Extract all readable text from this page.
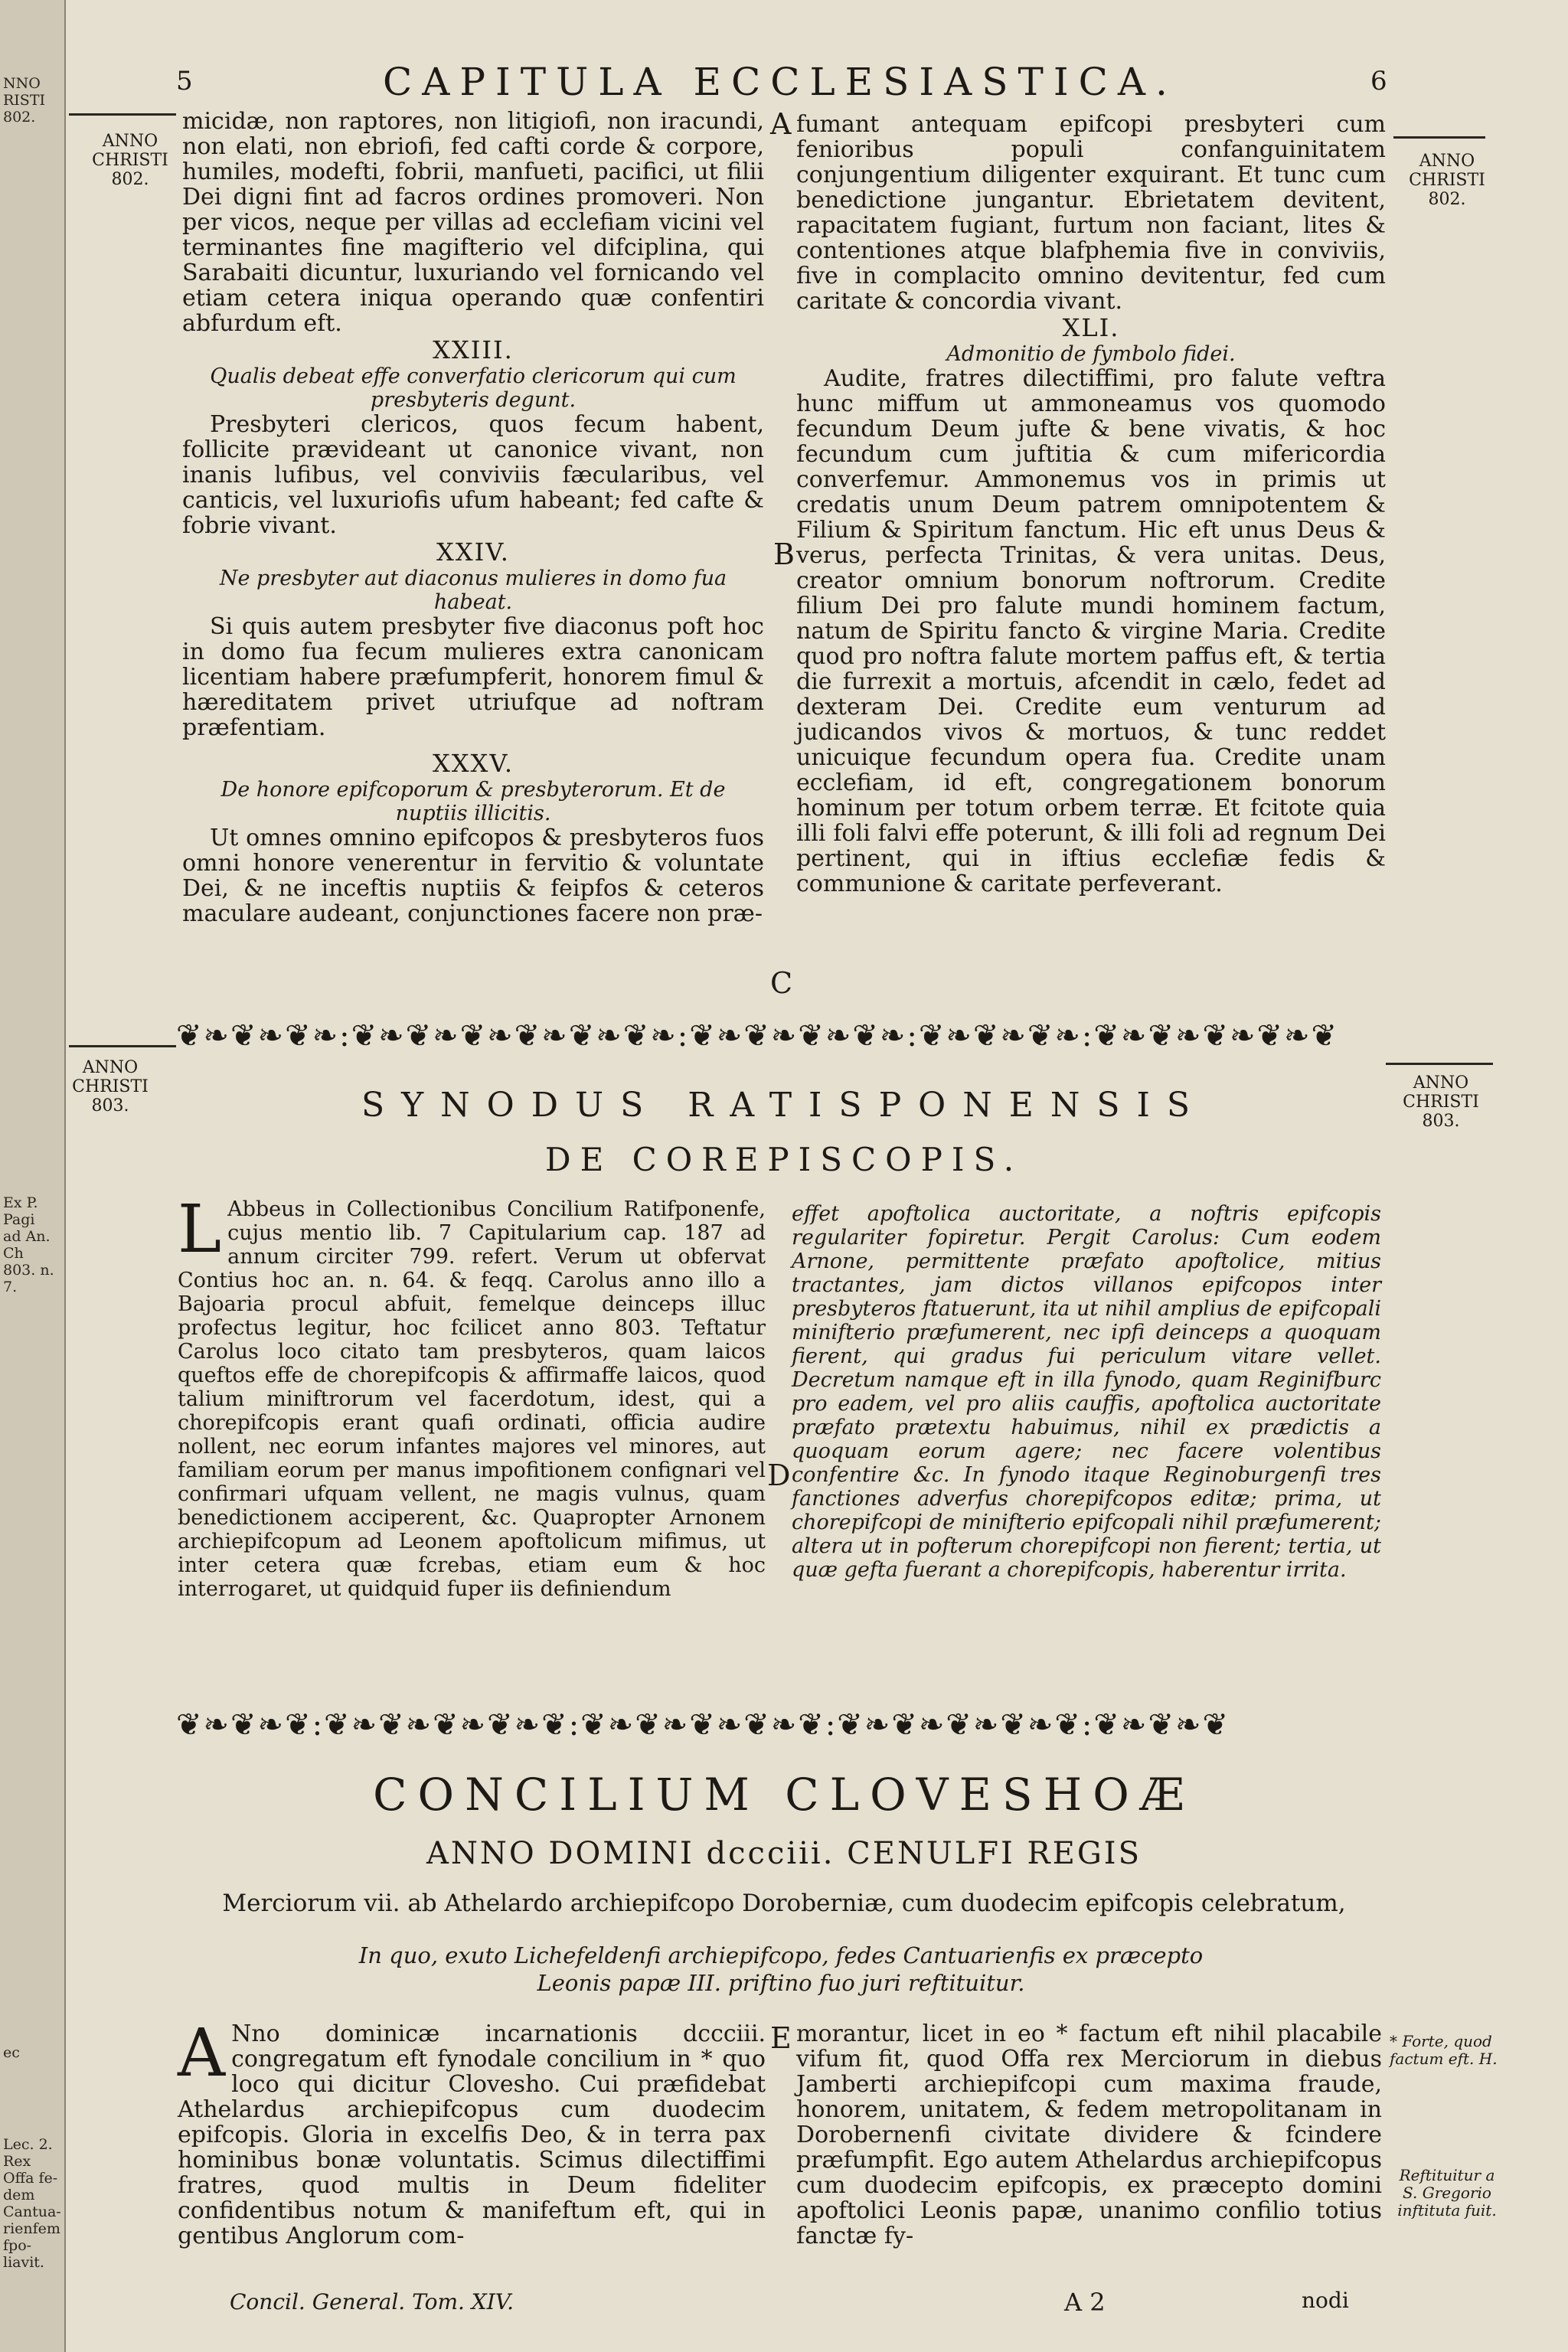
NNO
RISTI
802.
Ex P. Pagi
ad An. Ch
803. n. 7.
ec
Lec. 2.
Rex Offa fe-
dem Cantua-
rienfem fpo-
liavit.
5	CAPITULA ECCLESIASTICA.	6
ANNO
CHRISTI
802.
ANNO
CHRISTI
802.

micidæ, non raptores, non litigiofi, non iracundi, non elati, non ebriofi, fed cafti corde & corpore, humiles, modefti, fobrii, manfueti, pacifici, ut filii Dei digni fint ad facros ordines promoveri. Non per vicos, neque per villas ad ecclefiam vicini vel terminantes fine magifterio vel difciplina, qui Sarabaiti dicuntur, luxuriando vel fornicando vel etiam cetera iniqua operando quæ confentiri abfurdum eft.

XXIII.
Qualis debeat effe converfatio clericorum qui cum presbyteris degunt.

Presbyteri clericos, quos fecum habent, follicite prævideant ut canonice vivant, non inanis lufibus, vel conviviis fæcularibus, vel canticis, vel luxuriofis ufum habeant; fed cafte & fobrie vivant.

XXIV.
Ne presbyter aut diaconus mulieres in domo fua habeat.

Si quis autem presbyter five diaconus poft hoc in domo fua fecum mulieres extra canonicam licentiam habere præfumpferit, honorem fimul & hæreditatem privet utriufque ad noftram præfentiam.

XXXV.
De honore epifcoporum & presbyterorum. Et de nuptiis illicitis.

Ut omnes omnino epifcopos & presbyteros fuos omni honore venerentur in fervitio & voluntate Dei, & ne inceftis nuptiis & feipfos & ceteros maculare audeant, conjunctiones facere non præ-

A
B
C

fumant antequam epifcopi presbyteri cum fenioribus populi confanguinitatem conjungentium diligenter exquirant. Et tunc cum benedictione jungantur. Ebrietatem devitent, rapacitatem fugiant, furtum non faciant, lites & contentiones atque blafphemia five in conviviis, five in complacito omnino devitentur, fed cum caritate & concordia vivant.

XLI.
Admonitio de fymbolo fidei.

Audite, fratres dilectiffimi, pro falute veftra hunc miffum ut ammoneamus vos quomodo fecundum Deum jufte & bene vivatis, & hoc fecundum cum juftitia & cum mifericordia converfemur. Ammonemus vos in primis ut credatis unum Deum patrem omnipotentem & Filium & Spiritum fanctum. Hic eft unus Deus & verus, perfecta Trinitas, & vera unitas. Deus, creator omnium bonorum noftrorum. Credite filium Dei pro falute mundi hominem factum, natum de Spiritu fancto & virgine Maria. Credite quod pro noftra falute mortem paffus eft, & tertia die furrexit a mortuis, afcendit in cælo, fedet ad dexteram Dei. Credite eum venturum ad judicandos vivos & mortuos, & tunc reddet unicuique fecundum opera fua. Credite unam ecclefiam, id eft, congregationem bonorum hominum per totum orbem terræ. Et fcitote quia illi foli falvi effe poterunt, & illi foli ad regnum Dei pertinent, qui in iftius ecclefiæ fedis & communione & caritate perfeverant.

❦❧❦❧❦❧:❦❧❦❧❦❧❦❧❦❧❦❧:❦❧❦❧❦❧❦❧:❦❧❦❧❦❧:❦❧❦❧❦❧❦❧❦
ANNO
CHRISTI
803.
ANNO
CHRISTI
803.
SYNODUS RATISPONENSIS
DE COREPISCOPIS.
L Abbeus in Collectionibus Concilium Ratifponenfe, cujus mentio lib. 7 Capitularium cap. 187 ad annum circiter 799. refert. Verum ut obfervat Contius hoc an. n. 64. & feqq. Carolus anno illo a Bajoaria procul abfuit, femelque deinceps illuc profectus legitur, hoc fcilicet anno 803. Teftatur Carolus loco citato tam presbyteros, quam laicos queftos effe de chorepifcopis & affirmaffe laicos, quod talium miniftrorum vel facerdotum, idest, qui a chorepifcopis erant quafi ordinati, officia audire nollent, nec eorum infantes majores vel minores, aut familiam eorum per manus impofitionem confignari vel confirmari ufquam vellent, ne magis vulnus, quam benedictionem acciperent, &c. Quapropter Arnonem archiepifcopum ad Leonem apoftolicum mifimus, ut inter cetera quæ fcrebas, etiam eum & hoc interrogaret, ut quidquid fuper iis definiendum
D
effet apoftolica auctoritate, a noftris epifcopis regulariter fopiretur. Pergit Carolus: Cum eodem Arnone, permittente præfato apoftolice, mitius tractantes, jam dictos villanos epifcopos inter presbyteros ftatuerunt, ita ut nihil amplius de epifcopali minifterio præfumerent, nec ipfi deinceps a quoquam fierent, qui gradus fui periculum vitare vellet. Decretum namque eft in illa fynodo, quam Reginifburc pro eadem, vel pro aliis cauffis, apoftolica auctoritate præfato prætextu habuimus, nihil ex prædictis a quoquam eorum agere; nec facere volentibus confentire &c. In fynodo itaque Reginoburgenfi tres fanctiones adverfus chorepifcopos editæ; prima, ut chorepifcopi de minifterio epifcopali nihil præfumerent; altera ut in pofterum chorepifcopi non fierent; tertia, ut quæ gefta fuerant a chorepifcopis, haberentur irrita.
❦❧❦❧❦:❦❧❦❧❦❧❦❧❦:❦❧❦❧❦❧❦❧❦:❦❧❦❧❦❧❦❧❦:❦❧❦❧❦
CONCILIUM CLOVESHOÆ
ANNO DOMINI dccciii. CENULFI REGIS
Merciorum vii. ab Athelardo archiepifcopo Doroberniæ, cum duodecim epifcopis celebratum,
In quo, exuto Lichefeldenfi archiepifcopo, fedes Cantuarienfis ex præcepto Leonis papæ III. priftino fuo juri reftituitur.
A Nno dominicæ incarnationis dccciii. congregatum eft fynodale concilium in * quo loco qui dicitur Clovesho. Cui præfidebat Athelardus archiepifcopus cum duodecim epifcopis. Gloria in excelfis Deo, & in terra pax hominibus bonæ voluntatis. Scimus dilectiffimi fratres, quod multis in Deum fideliter confidentibus notum & manifeftum eft, qui in gentibus Anglorum com-
E morantur, licet in eo * factum eft nihil placabile vifum fit, quod Offa rex Merciorum in diebus Jamberti archiepifcopi cum maxima fraude, honorem, unitatem, & fedem metropolitanam in Dorobernenfi civitate dividere & fcindere præfumpfit. Ego autem Athelardus archiepifcopus cum duodecim epifcopis, ex præcepto domini apoftolici Leonis papæ, unanimo confilio totius fanctæ fy-
* Forte, quod factum eft. H.
Reftituitur a S. Gregorio inftituta fuit.
Concil. General. Tom. XIV.	A 2	nodi
